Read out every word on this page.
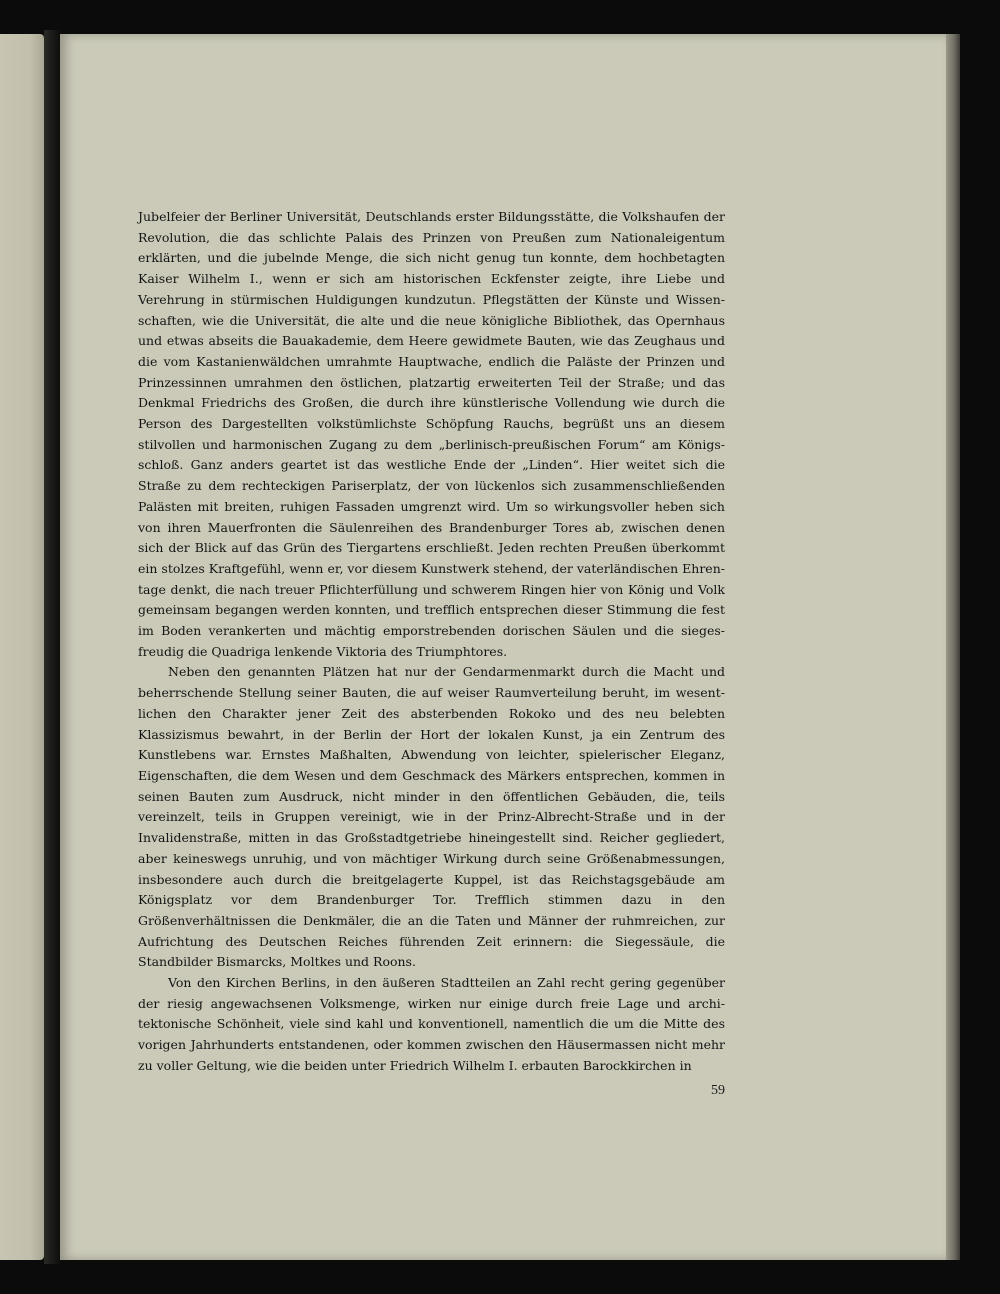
Jubelfeier der Berliner Universität, Deutschlands erster Bildungsstätte, die Volkshaufen der Revolution, die das schlichte Palais des Prinzen von Preußen zum Nationaleigentum erklärten, und die jubelnde Menge, die sich nicht genug tun konnte, dem hochbetagten Kaiser Wilhelm I., wenn er sich am historischen Eckfenster zeigte, ihre Liebe und Verehrung in stürmischen Huldigungen kundzutun. Pflegstätten der Künste und Wissenschaften, wie die Universität, die alte und die neue königliche Bibliothek, das Opernhaus und etwas abseits die Bauakademie, dem Heere gewidmete Bauten, wie das Zeughaus und die vom Kastanienwäldchen umrahmte Hauptwache, endlich die Paläste der Prinzen und Prinzessinnen umrahmen den östlichen, platzartig erweiterten Teil der Straße; und das Denkmal Friedrichs des Großen, die durch ihre künstlerische Vollendung wie durch die Person des Dargestellten volkstümlichste Schöpfung Rauchs, begrüßt uns an diesem stilvollen und harmonischen Zugang zu dem „berlinisch-preußischen Forum“ am Königsschloß. Ganz anders geartet ist das westliche Ende der „Linden“. Hier weitet sich die Straße zu dem rechteckigen Pariserplatz, der von lückenlos sich zusammenschließenden Palästen mit breiten, ruhigen Fassaden umgrenzt wird. Um so wirkungsvoller heben sich von ihren Mauerfronten die Säulenreihen des Brandenburger Tores ab, zwischen denen sich der Blick auf das Grün des Tiergartens erschließt. Jeden rechten Preußen überkommt ein stolzes Kraftgefühl, wenn er, vor diesem Kunstwerk stehend, der vaterländischen Ehrentage denkt, die nach treuer Pflichterfüllung und schwerem Ringen hier von König und Volk gemeinsam begangen werden konnten, und trefflich entsprechen dieser Stimmung die fest im Boden verankerten und mächtig emporstrebenden dorischen Säulen und die siegesfreudig die Quadriga lenkende Viktoria des Triumphtores.

Neben den genannten Plätzen hat nur der Gendarmenmarkt durch die Macht und beherrschende Stellung seiner Bauten, die auf weiser Raumverteilung beruht, im wesentlichen den Charakter jener Zeit des absterbenden Rokoko und des neu belebten Klassizismus bewahrt, in der Berlin der Hort der lokalen Kunst, ja ein Zentrum des Kunstlebens war. Ernstes Maßhalten, Abwendung von leichter, spielerischer Eleganz, Eigenschaften, die dem Wesen und dem Geschmack des Märkers entsprechen, kommen in seinen Bauten zum Ausdruck, nicht minder in den öffentlichen Gebäuden, die, teils vereinzelt, teils in Gruppen vereinigt, wie in der Prinz-Albrecht-Straße und in der Invalidenstraße, mitten in das Großstadtgetriebe hineingestellt sind. Reicher gegliedert, aber keineswegs unruhig, und von mächtiger Wirkung durch seine Größenabmessungen, insbesondere auch durch die breitgelagerte Kuppel, ist das Reichstagsgebäude am Königsplatz vor dem Brandenburger Tor. Trefflich stimmen dazu in den Größenverhältnissen die Denkmäler, die an die Taten und Männer der ruhmreichen, zur Aufrichtung des Deutschen Reiches führenden Zeit erinnern: die Siegessäule, die Standbilder Bismarcks, Moltkes und Roons.

Von den Kirchen Berlins, in den äußeren Stadtteilen an Zahl recht gering gegenüber der riesig angewachsenen Volksmenge, wirken nur einige durch freie Lage und architektonische Schönheit, viele sind kahl und konventionell, namentlich die um die Mitte des vorigen Jahrhunderts entstandenen, oder kommen zwischen den Häusermassen nicht mehr zu voller Geltung, wie die beiden unter Friedrich Wilhelm I. erbauten Barockkirchen in

59
